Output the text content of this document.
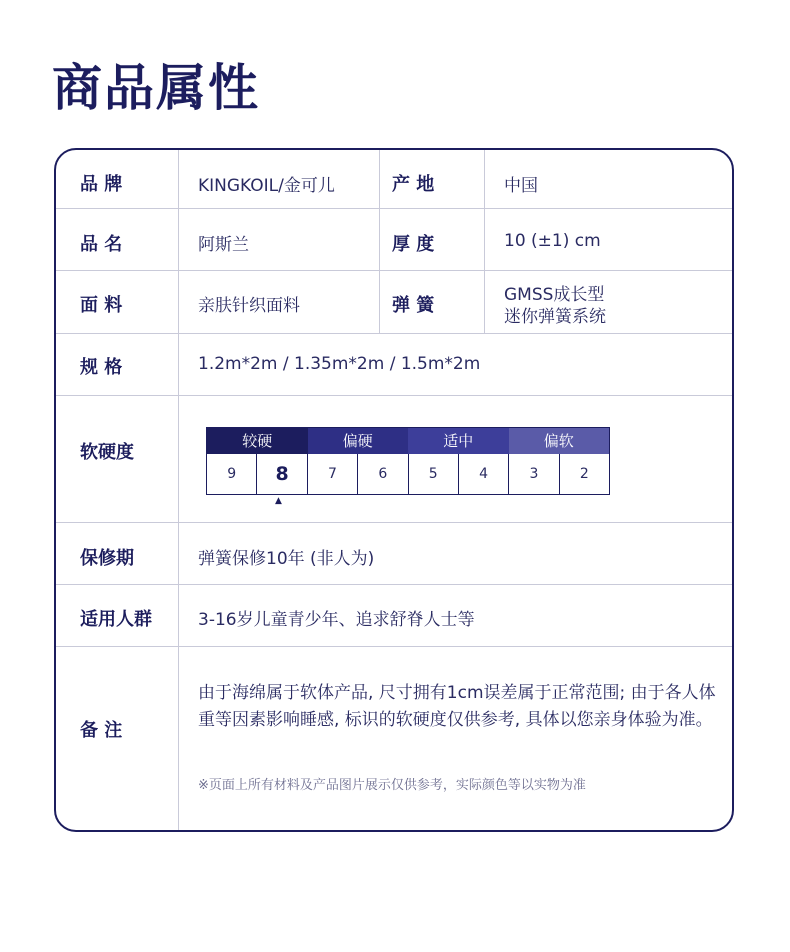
商品属性
品 牌	KINGKOIL/金可儿	产 地	中国
品 名	阿斯兰	厚 度	10 (±1) cm
面 料	亲肤针织面料	弹 簧	GMSS成长型
迷你弹簧系统
规 格	1.2m*2m / 1.35m*2m / 1.5m*2m
软硬度
较硬	偏硬	适中	偏软
9	8	7	6	5	4	3	2
▲
保修期	弹簧保修10年 (非人为)
适用人群	3-16岁儿童青少年、追求舒脊人士等
备 注
由于海绵属于软体产品, 尺寸拥有1cm误差属于正常范围; 由于各人体重等因素影响睡感, 标识的软硬度仅供参考, 具体以您亲身体验为准。
※页面上所有材料及产品图片展示仅供参考，实际颜色等以实物为准
